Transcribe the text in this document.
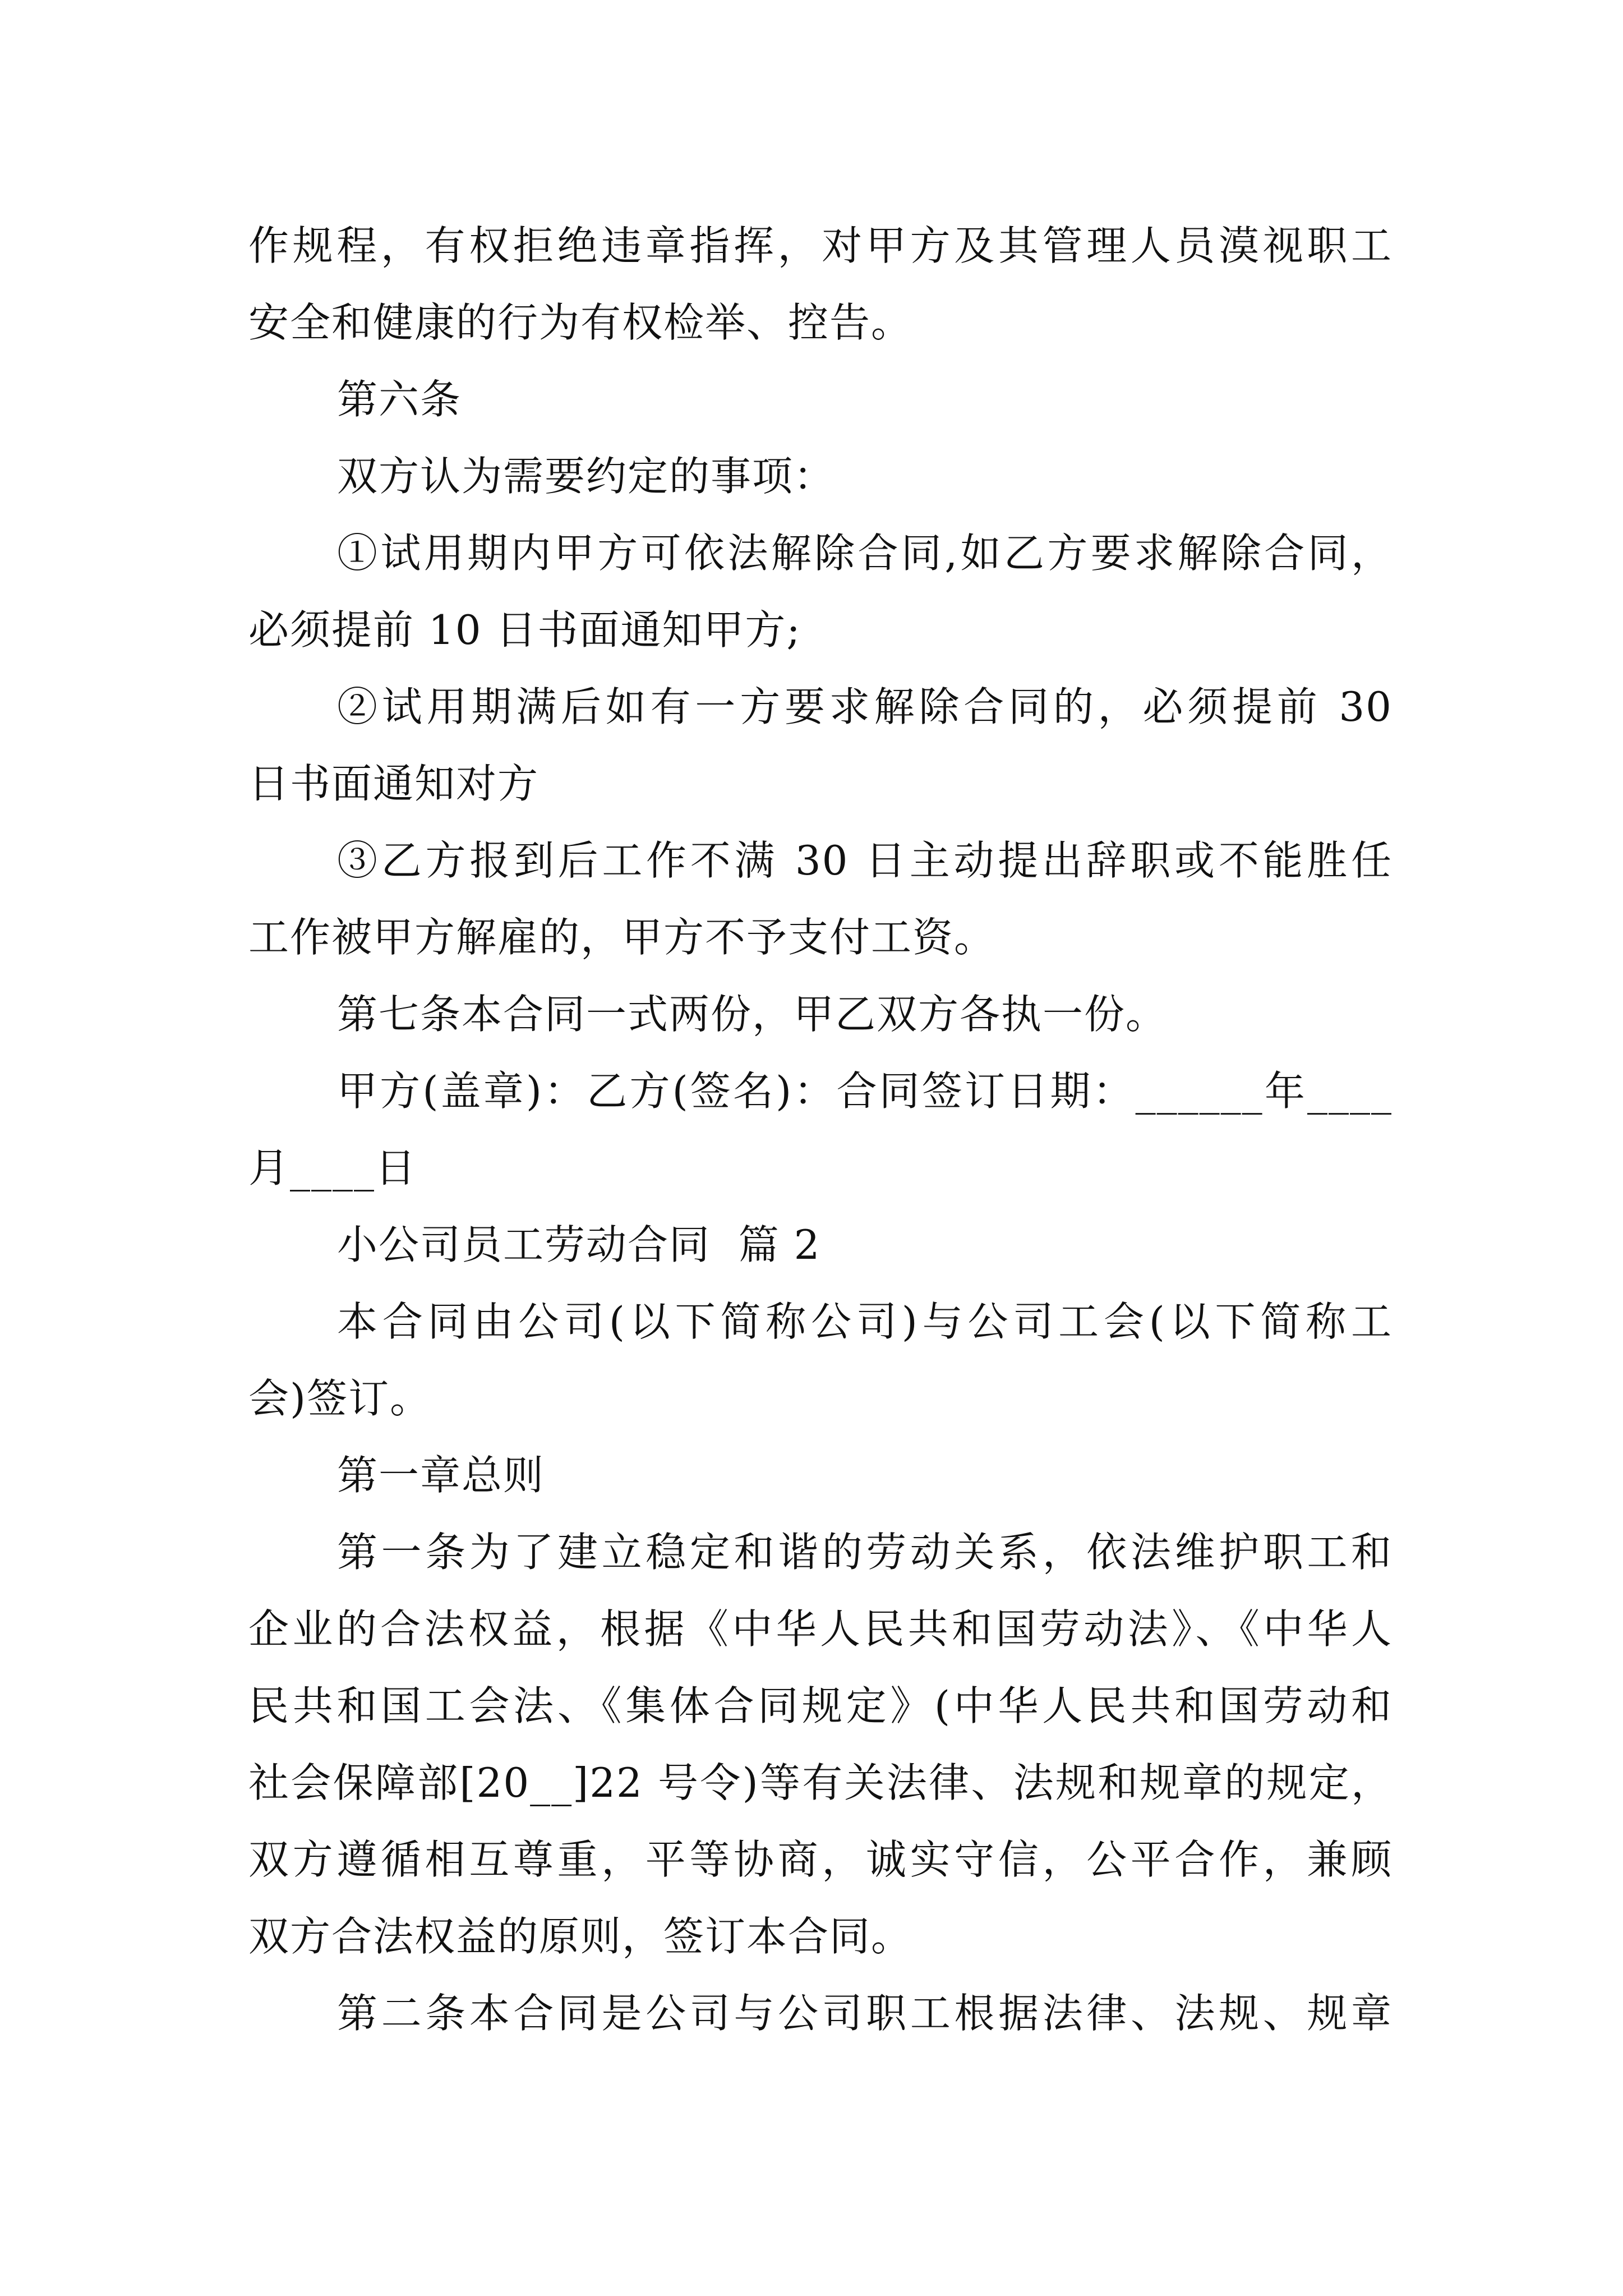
作规程，有权拒绝违章指挥，对甲方及其管理人员漠视职工
安全和健康的行为有权检举、控告。
第六条
双方认为需要约定的事项：
①试用期内甲方可依法解除合同,如乙方要求解除合同，
必须提前 10 日书面通知甲方;
②试用期满后如有一方要求解除合同的，必须提前 30
日书面通知对方
③乙方报到后工作不满 30 日主动提出辞职或不能胜任
工作被甲方解雇的，甲方不予支付工资。
第七条本合同一式两份，甲乙双方各执一份。
甲方(盖章)：乙方(签名)：合同签订日期：______年____
月____日
小公司员工劳动合同  篇 2
本合同由公司(以下简称公司)与公司工会(以下简称工
会)签订。
第一章总则
第一条为了建立稳定和谐的劳动关系，依法维护职工和
企业的合法权益，根据《中华人民共和国劳动法》、《中华人
民共和国工会法、《集体合同规定》(中华人民共和国劳动和
社会保障部[20__]22 号令)等有关法律、法规和规章的规定，
双方遵循相互尊重，平等协商，诚实守信，公平合作，兼顾
双方合法权益的原则，签订本合同。
第二条本合同是公司与公司职工根据法律、法规、规章
